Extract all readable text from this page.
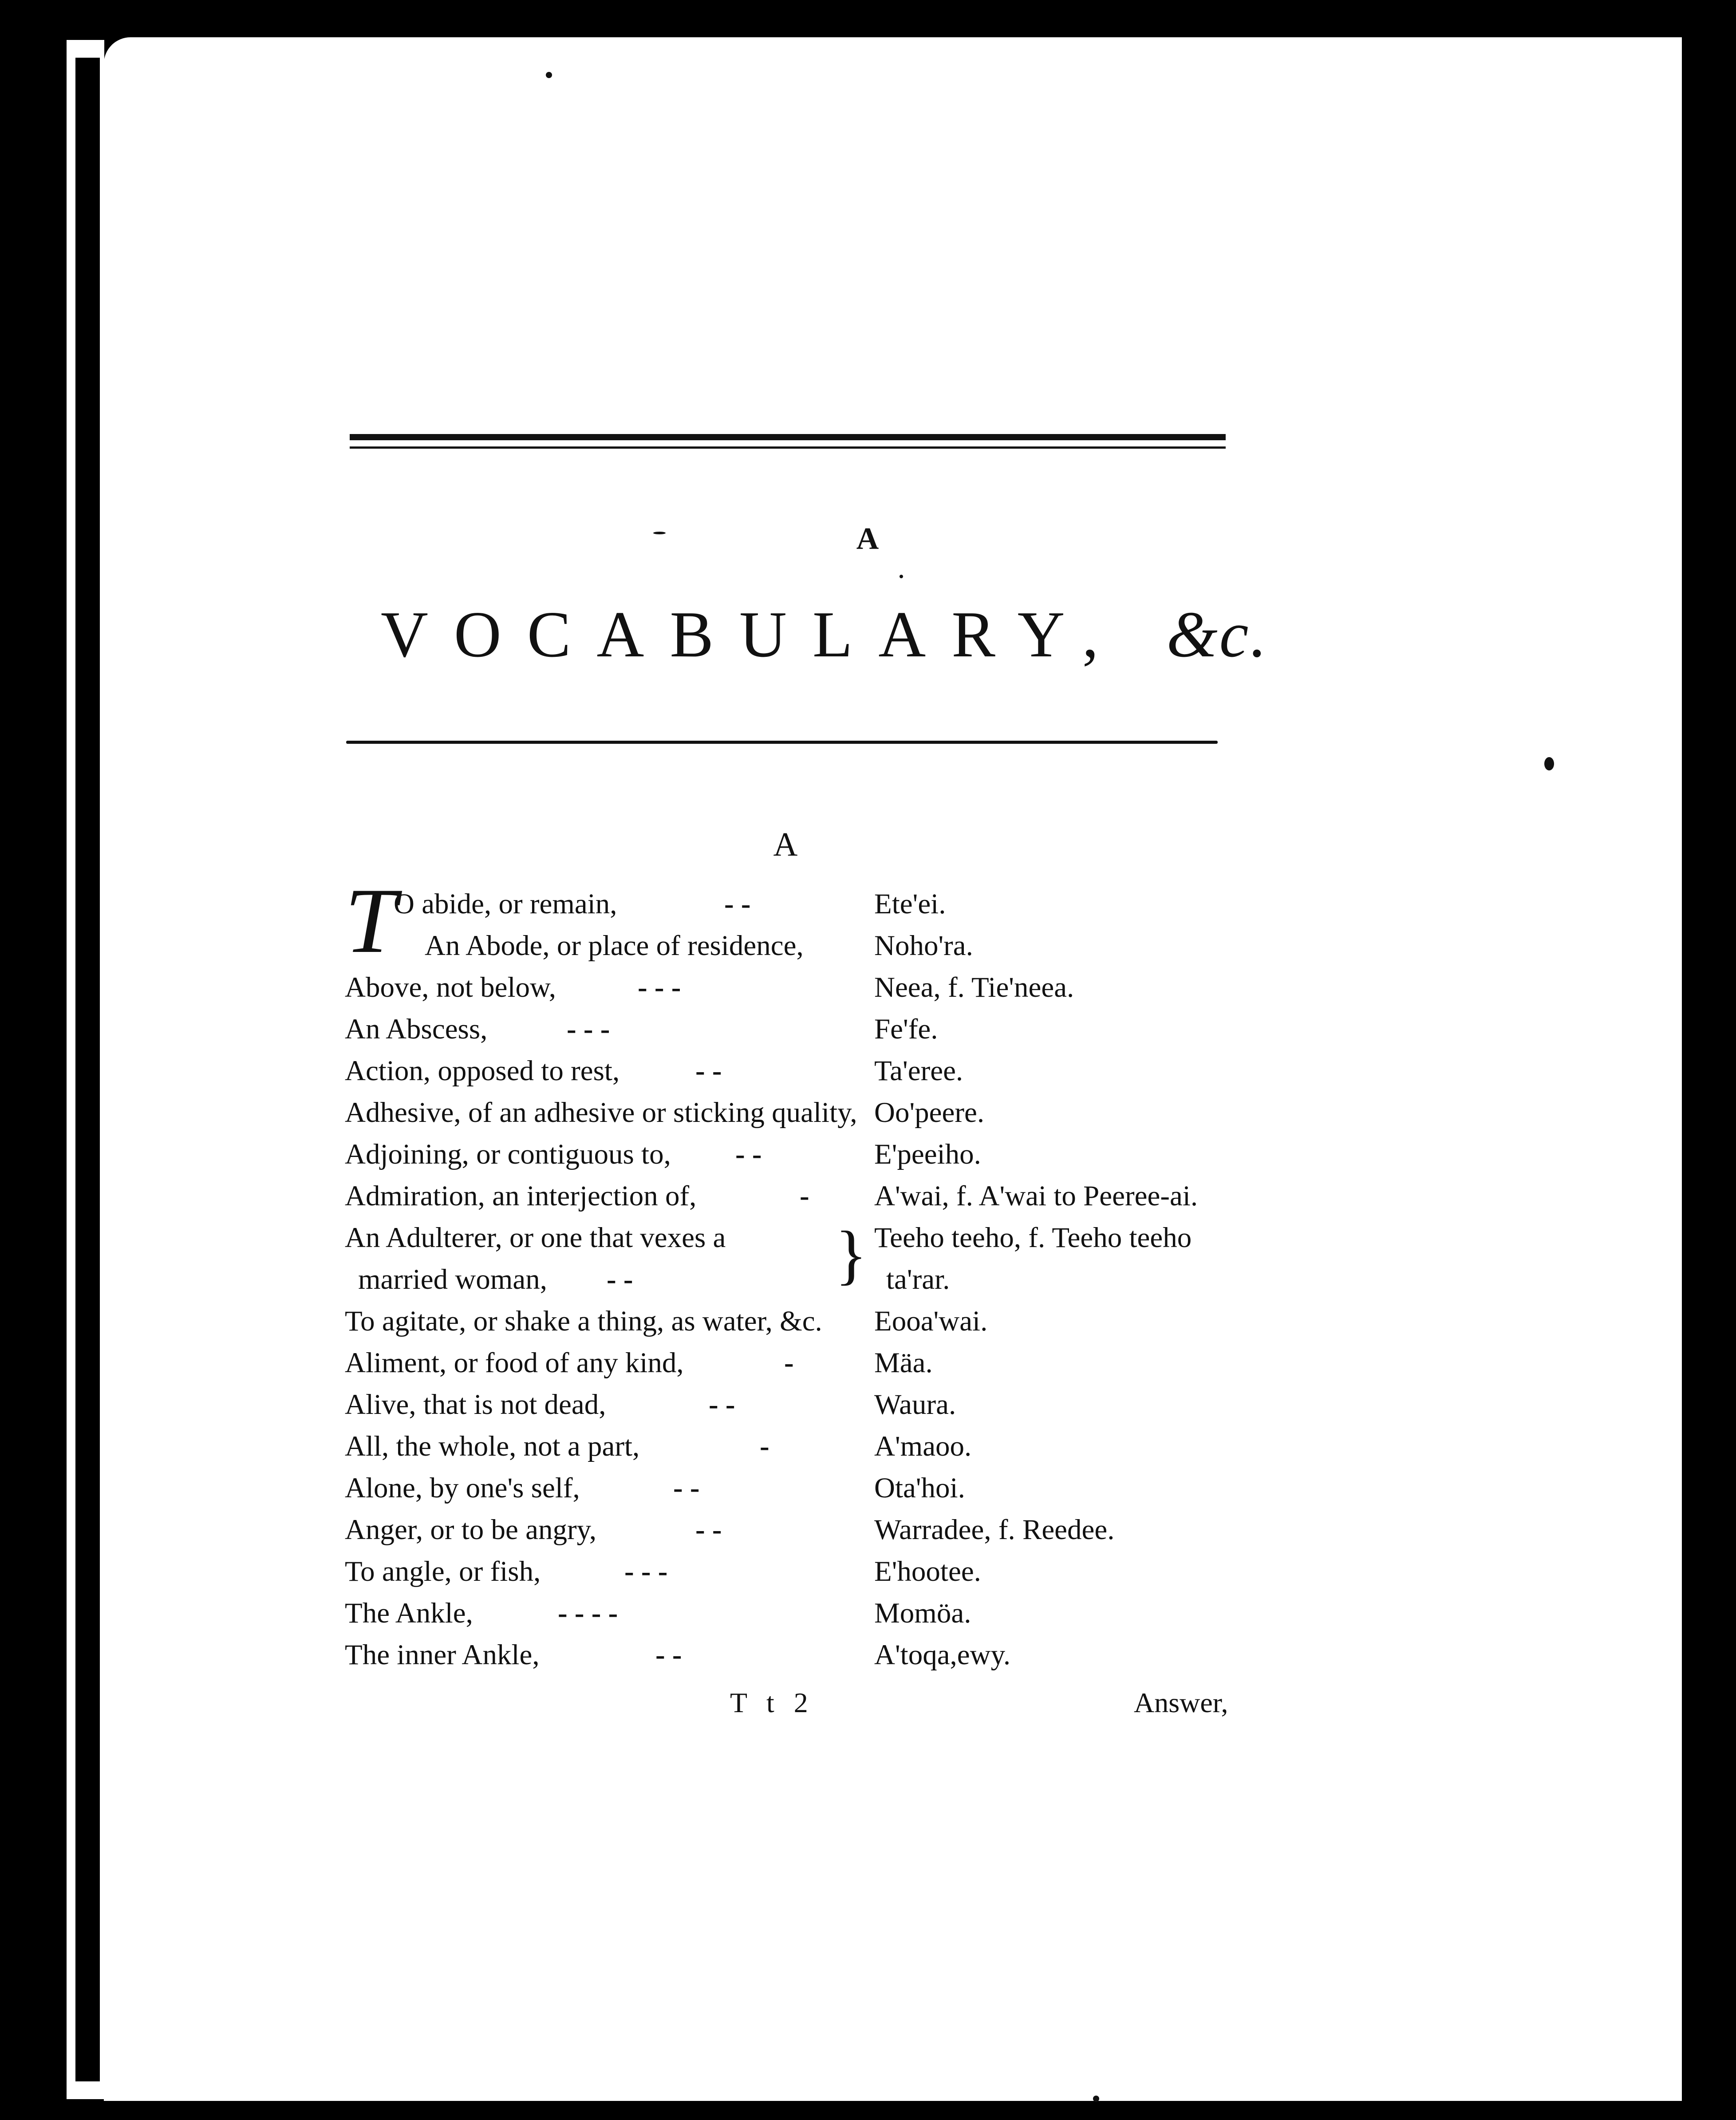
A
VOCABULARY, &c.
A
T
O abide, or remain,	- -	Ete'ei.
An Abode, or place of residence, Noho'ra.
Above, not below,	- - -	Neea, f. Tie'neea.
An Abscess,	- - -	Fe'fe.
Action, opposed to rest,	- -	Ta'eree.
Adhesive, of an adhesive or sticking quality, Oo'peere.
Adjoining, or contiguous to, - -	E'peeiho.
Admiration, an interjection of,	- A'wai, f. A'wai to Peeree-ai.
An Adulterer, or one that vexes a } Teeho teeho, f. Teeho teeho
married woman, - -	ta'rar.
To agitate, or shake a thing, as water, &c. Eooa'wai.
Aliment, or food of any kind,	-	Mäa.
Alive, that is not dead,	- -	Waura.
All, the whole, not a part,	-	A'maoo.
Alone, by one's self,	- -	Ota'hoi.
Anger, or to be angry,	- -	Warradee, f. Reedee.
To angle, or fish,	- - -	E'hootee.
The Ankle,	- - - -	Momöa.
The inner Ankle,	- -	A'toqa,ewy.
T t 2	Answer,
